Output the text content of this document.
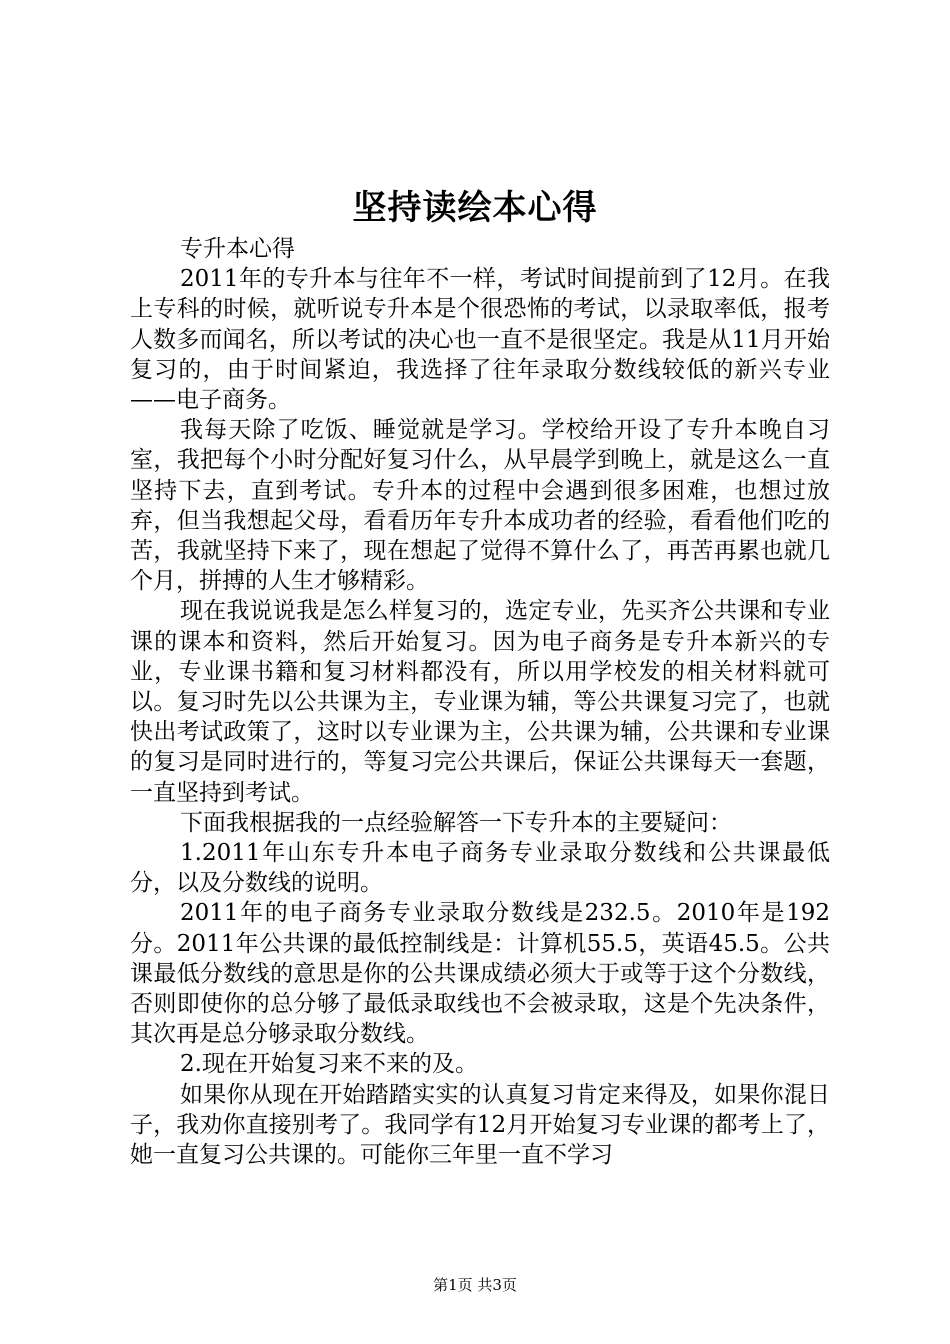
坚持读绘本心得

专升本心得

2011年的专升本与往年不一样，考试时间提前到了12月。在我上专科的时候，就听说专升本是个很恐怖的考试，以录取率低，报考人数多而闻名，所以考试的决心也一直不是很坚定。我是从11月开始复习的，由于时间紧迫，我选择了往年录取分数线较低的新兴专业——电子商务。

我每天除了吃饭、睡觉就是学习。学校给开设了专升本晚自习室，我把每个小时分配好复习什么，从早晨学到晚上，就是这么一直坚持下去，直到考试。专升本的过程中会遇到很多困难，也想过放弃，但当我想起父母，看看历年专升本成功者的经验，看看他们吃的苦，我就坚持下来了，现在想起了觉得不算什么了，再苦再累也就几个月，拼搏的人生才够精彩。

现在我说说我是怎么样复习的，选定专业，先买齐公共课和专业课的课本和资料，然后开始复习。因为电子商务是专升本新兴的专业，专业课书籍和复习材料都没有，所以用学校发的相关材料就可以。复习时先以公共课为主，专业课为辅，等公共课复习完了，也就快出考试政策了，这时以专业课为主，公共课为辅，公共课和专业课的复习是同时进行的，等复习完公共课后，保证公共课每天一套题，一直坚持到考试。

下面我根据我的一点经验解答一下专升本的主要疑问：

1.2011年山东专升本电子商务专业录取分数线和公共课最低分，以及分数线的说明。

2011年的电子商务专业录取分数线是232.5。2010年是192分。2011年公共课的最低控制线是：计算机55.5，英语45.5。公共课最低分数线的意思是你的公共课成绩必须大于或等于这个分数线，否则即使你的总分够了最低录取线也不会被录取，这是个先决条件，其次再是总分够录取分数线。

2.现在开始复习来不来的及。

如果你从现在开始踏踏实实的认真复习肯定来得及，如果你混日子，我劝你直接别考了。我同学有12月开始复习专业课的都考上了，她一直复习公共课的。可能你三年里一直不学习

第1页 共3页
